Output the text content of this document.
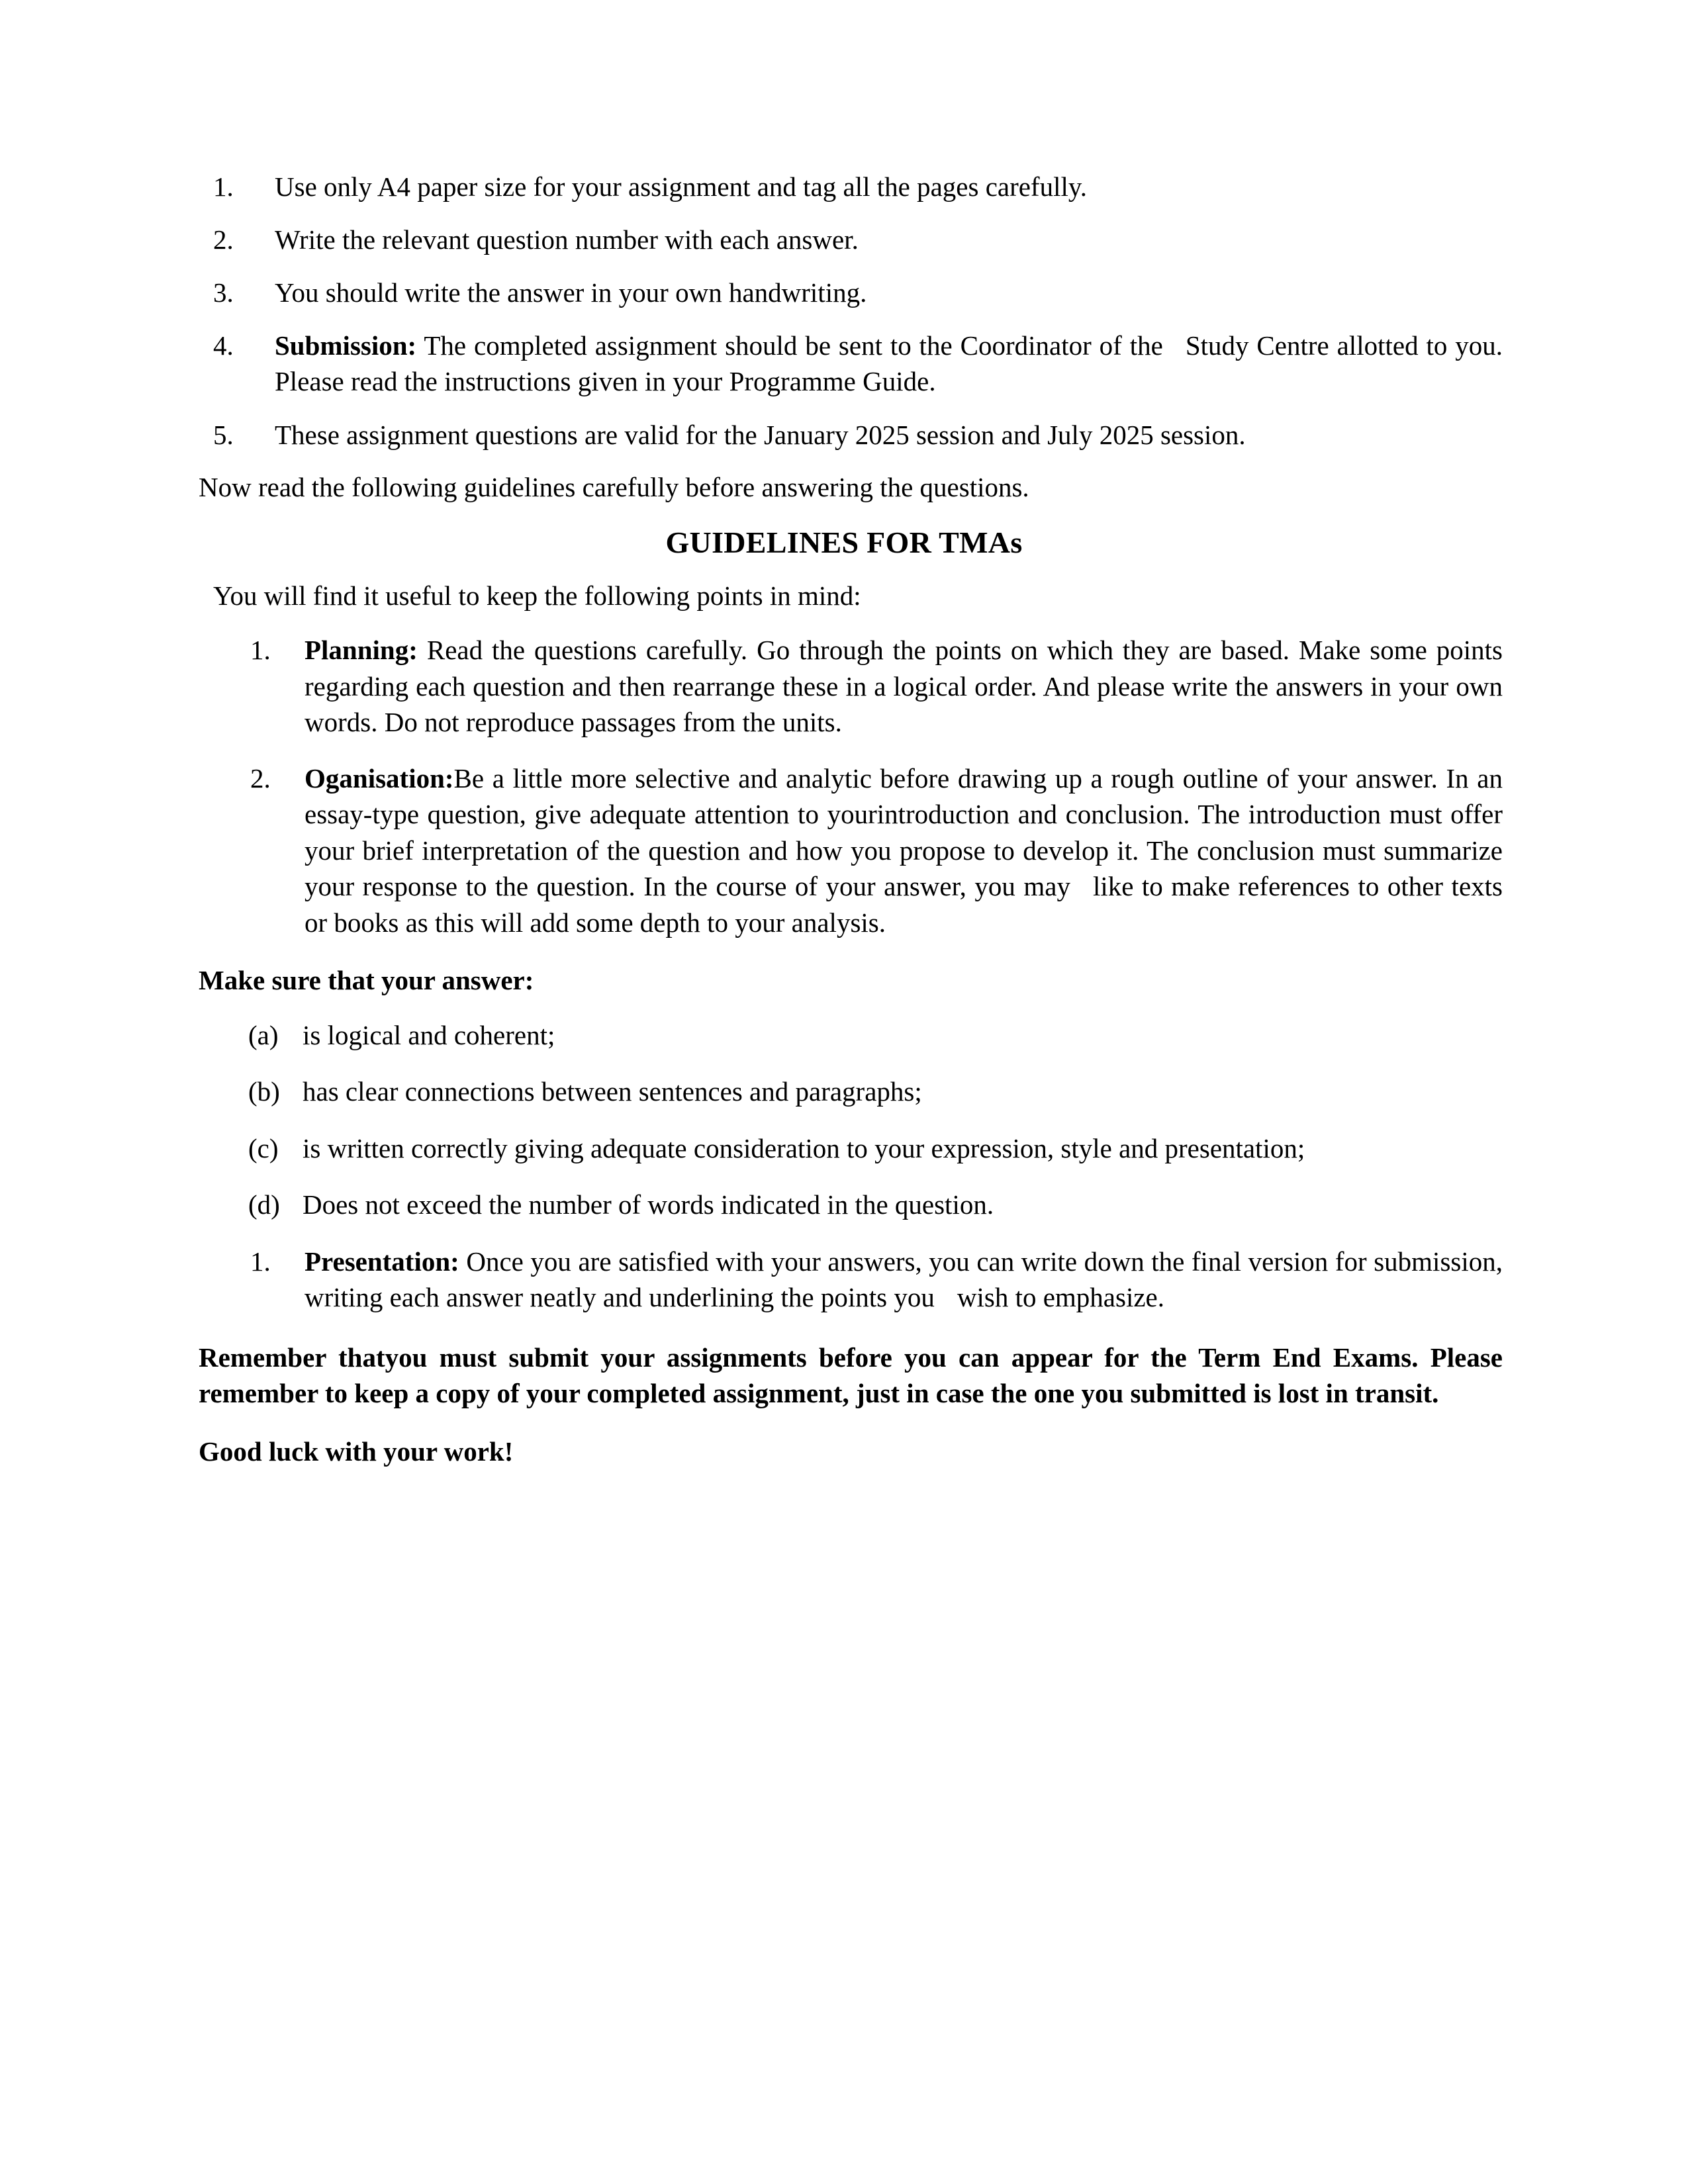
1.	Use only A4 paper size for your assignment and tag all the pages carefully.
2.	Write the relevant question number with each answer.
3.	You should write the answer in your own handwriting.
4.	Submission: The completed assignment should be sent to the Coordinator of the Study Centre allotted to you. Please read the instructions given in your Programme Guide.
5.	These assignment questions are valid for the January 2025 session and July 2025 session.

Now read the following guidelines carefully before answering the questions.

GUIDELINES FOR TMAs

You will find it useful to keep the following points in mind:

1.	Planning: Read the questions carefully. Go through the points on which they are based. Make some points regarding each question and then rearrange these in a logical order. And please write the answers in your own words. Do not reproduce passages from the units.
2.	Oganisation:Be a little more selective and analytic before drawing up a rough outline of your answer. In an essay-type question, give adequate attention to yourintroduction and conclusion. The introduction must offer your brief interpretation of the question and how you propose to develop it. The conclusion must summarize your response to the question. In the course of your answer, you may like to make references to other texts or books as this will add some depth to your analysis.

Make sure that your answer:

(a) is logical and coherent;
(b) has clear connections between sentences and paragraphs;
(c) is written correctly giving adequate consideration to your expression, style and presentation;
(d) Does not exceed the number of words indicated in the question.
1.	Presentation: Once you are satisfied with your answers, you can write down the final version for submission, writing each answer neatly and underlining the points you wish to emphasize.

Remember thatyou must submit your assignments before you can appear for the Term End Exams. Please remember to keep a copy of your completed assignment, just in case the one you submitted is lost in transit.

Good luck with your work!
